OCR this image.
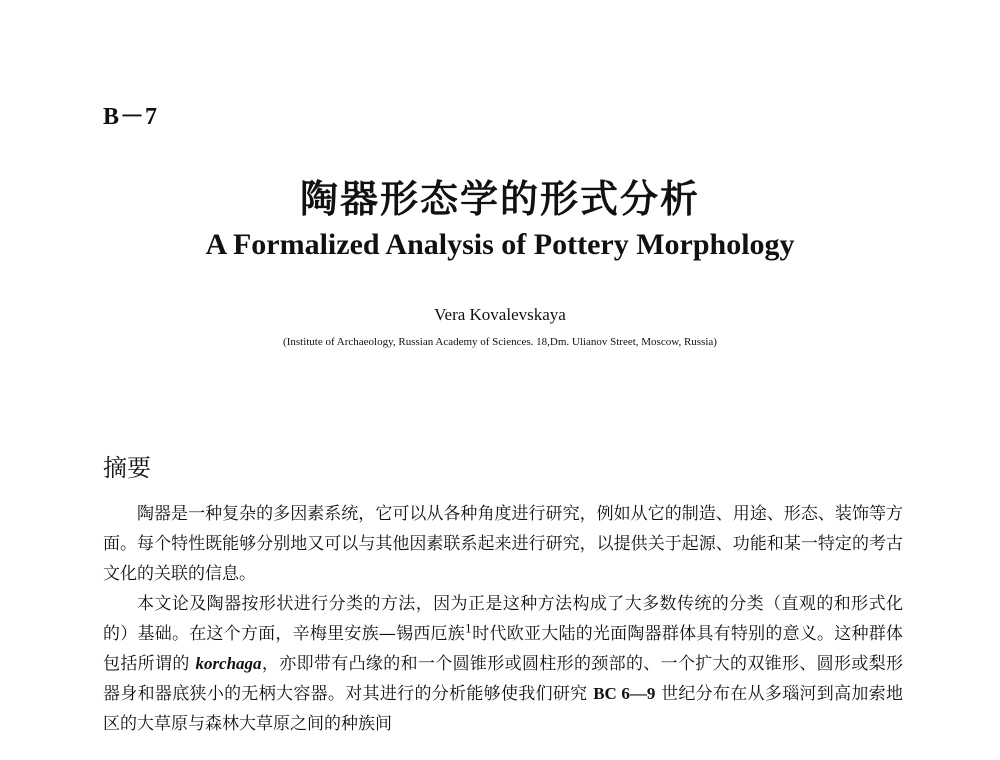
B－7
陶器形态学的形式分析
A Formalized Analysis of Pottery Morphology
Vera Kovalevskaya
(Institute of Archaeology, Russian Academy of Sciences. 18,Dm. Ulianov Street, Moscow, Russia)
摘要

陶器是一种复杂的多因素系统，它可以从各种角度进行研究，例如从它的制造、用途、形态、装饰等方面。每个特性既能够分别地又可以与其他因素联系起来进行研究，以提供关于起源、功能和某一特定的考古文化的关联的信息。

本文论及陶器按形状进行分类的方法，因为正是这种方法构成了大多数传统的分类（直观的和形式化的）基础。在这个方面，辛梅里安族—锡西厄族$^1$时代欧亚大陆的光面陶器群体具有特别的意义。这种群体包括所谓的 korchaga，亦即带有凸缘的和一个圆锥形或圆柱形的颈部的、一个扩大的双锥形、圆形或梨形器身和器底狭小的无柄大容器。对其进行的分析能够使我们研究 BC 6—9 世纪分布在从多瑙河到高加索地区的大草原与森林大草原之间的种族间
